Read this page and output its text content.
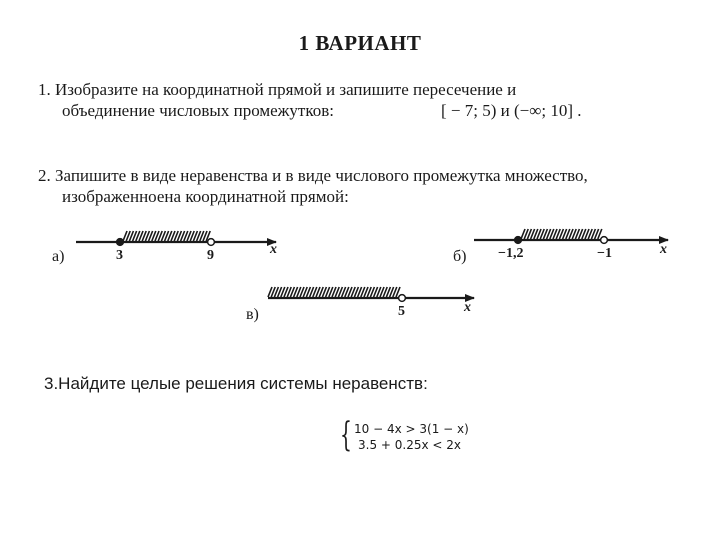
1 ВАРИАНТ
1. Изобразите на координатной прямой и запишите пересечение и
объединение числовых промежутков:	[ − 7; 5) и (−∞; 10] .
2. Запишите в виде неравенства и в виде числового промежутка множество,
изображенноена координатной прямой:
а)	3	9	x	б) −1,2	−1	x
в)	5	x
3.Найдите целые решения системы неравенств:
{ 10 − 4x > 3(1 − x)
3.5 + 0.25x < 2x
